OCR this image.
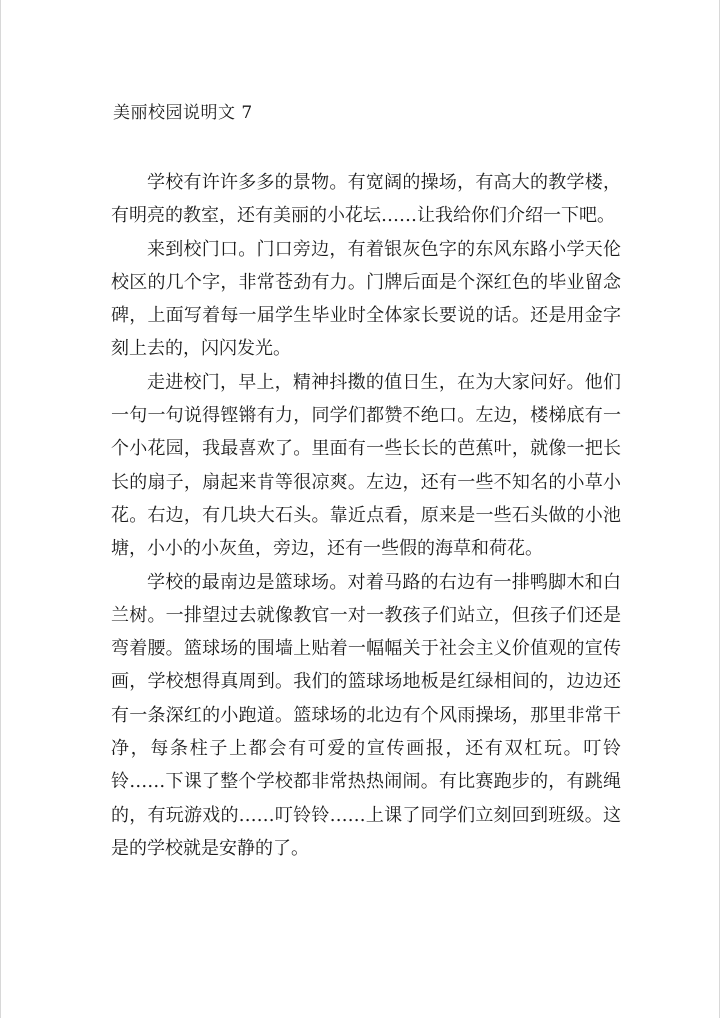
美丽校园说明文 7

学校有许许多多的景物。有宽阔的操场，有高大的教学楼，有明亮的教室，还有美丽的小花坛……让我给你们介绍一下吧。

来到校门口。门口旁边，有着银灰色字的东风东路小学天伦校区的几个字，非常苍劲有力。门牌后面是个深红色的毕业留念碑，上面写着每一届学生毕业时全体家长要说的话。还是用金字刻上去的，闪闪发光。

走进校门，早上，精神抖擞的值日生，在为大家问好。他们一句一句说得铿锵有力，同学们都赞不绝口。左边，楼梯底有一个小花园，我最喜欢了。里面有一些长长的芭蕉叶，就像一把长长的扇子，扇起来肯等很凉爽。左边，还有一些不知名的小草小花。右边，有几块大石头。靠近点看，原来是一些石头做的小池塘，小小的小灰鱼，旁边，还有一些假的海草和荷花。

学校的最南边是篮球场。对着马路的右边有一排鸭脚木和白兰树。一排望过去就像教官一对一教孩子们站立，但孩子们还是弯着腰。篮球场的围墙上贴着一幅幅关于社会主义价值观的宣传画，学校想得真周到。我们的篮球场地板是红绿相间的，边边还有一条深红的小跑道。篮球场的北边有个风雨操场，那里非常干净，每条柱子上都会有可爱的宣传画报，还有双杠玩。叮铃铃……下课了整个学校都非常热热闹闹。有比赛跑步的，有跳绳的，有玩游戏的……叮铃铃……上课了同学们立刻回到班级。这是的学校就是安静的了。
